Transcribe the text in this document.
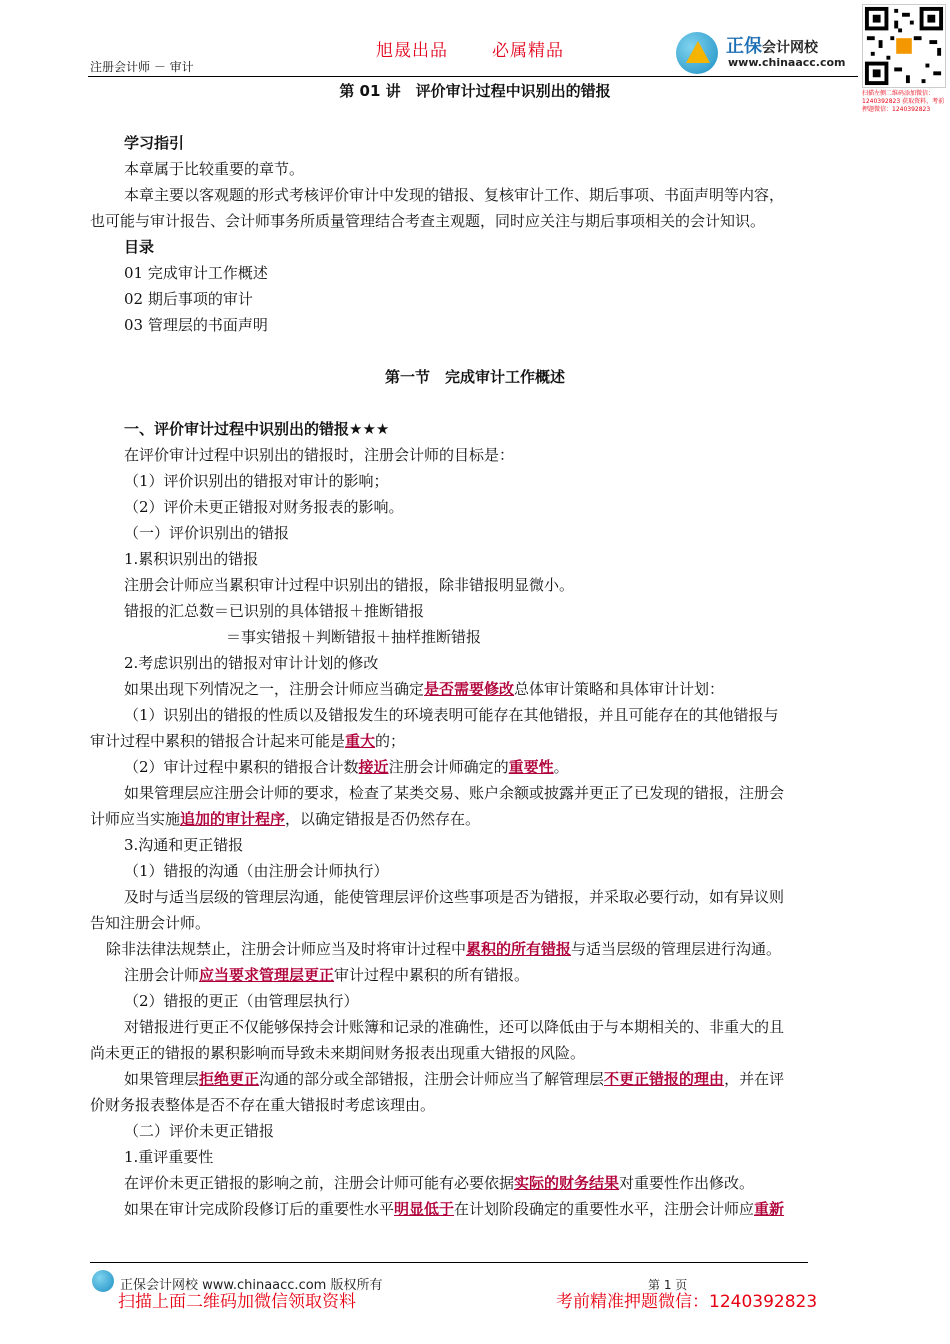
旭晟出品	必属精品
注册会计师 － 审计
正保会计网校
www.chinaacc.com
扫描左侧二维码添加微信：1240392823 获取资料，考前押题微信：1240392823
第 01 讲　评价审计过程中识别出的错报
学习指引
本章属于比较重要的章节。
本章主要以客观题的形式考核评价审计中发现的错报、复核审计工作、期后事项、书面声明等内容，
也可能与审计报告、会计师事务所质量管理结合考查主观题，同时应关注与期后事项相关的会计知识。
目录
01 完成审计工作概述
02 期后事项的审计
03 管理层的书面声明
第一节　完成审计工作概述
一、评价审计过程中识别出的错报★★★
在评价审计过程中识别出的错报时，注册会计师的目标是：
（1）评价识别出的错报对审计的影响；
（2）评价未更正错报对财务报表的影响。
（一）评价识别出的错报
1.累积识别出的错报
注册会计师应当累积审计过程中识别出的错报，除非错报明显微小。
错报的汇总数＝已识别的具体错报＋推断错报
＝事实错报＋判断错报＋抽样推断错报
2.考虑识别出的错报对审计计划的修改
如果出现下列情况之一，注册会计师应当确定是否需要修改总体审计策略和具体审计计划：
（1）识别出的错报的性质以及错报发生的环境表明可能存在其他错报，并且可能存在的其他错报与
审计过程中累积的错报合计起来可能是重大的；
（2）审计过程中累积的错报合计数接近注册会计师确定的重要性。
如果管理层应注册会计师的要求，检查了某类交易、账户余额或披露并更正了已发现的错报，注册会
计师应当实施追加的审计程序，以确定错报是否仍然存在。
3.沟通和更正错报
（1）错报的沟通（由注册会计师执行）
及时与适当层级的管理层沟通，能使管理层评价这些事项是否为错报，并采取必要行动，如有异议则
告知注册会计师。
除非法律法规禁止，注册会计师应当及时将审计过程中累积的所有错报与适当层级的管理层进行沟通。
注册会计师应当要求管理层更正审计过程中累积的所有错报。
（2）错报的更正（由管理层执行）
对错报进行更正不仅能够保持会计账簿和记录的准确性，还可以降低由于与本期相关的、非重大的且
尚未更正的错报的累积影响而导致未来期间财务报表出现重大错报的风险。
如果管理层拒绝更正沟通的部分或全部错报，注册会计师应当了解管理层不更正错报的理由，并在评
价财务报表整体是否不存在重大错报时考虑该理由。
（二）评价未更正错报
1.重评重要性
在评价未更正错报的影响之前，注册会计师可能有必要依据实际的财务结果对重要性作出修改。
如果在审计完成阶段修订后的重要性水平明显低于在计划阶段确定的重要性水平，注册会计师应重新
正保会计网校 www.chinaacc.com 版权所有	第 1 页
扫描上面二维码加微信领取资料	考前精准押题微信：1240392823
